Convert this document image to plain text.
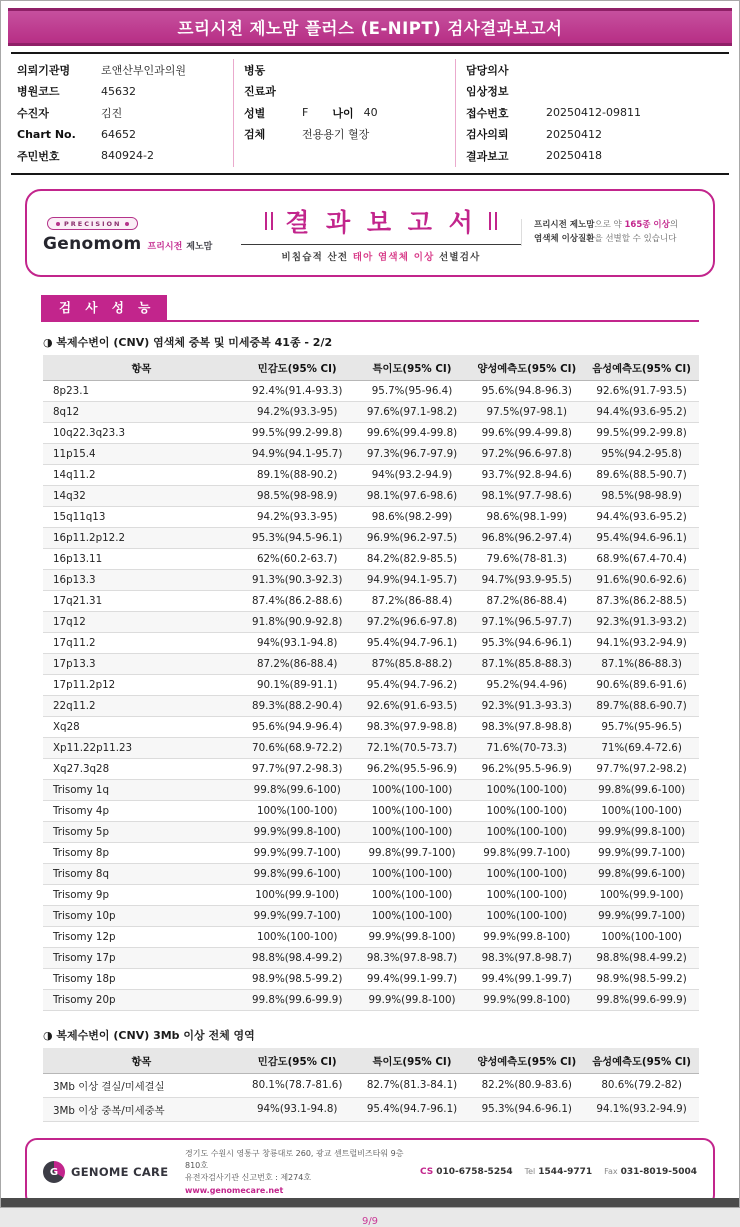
프리시전 제노맘 플러스 (E-NIPT) 검사결과보고서
의뢰기관명	로앤산부인과의원
병원코드	45632
수진자	김진
Chart No.	64652
주민번호	840924-2
병동
진료과
성별	F 나이 40
검체	전용용기 혈장
담당의사
임상정보
접수번호	20250412-09811
검사의뢰	20250412
결과보고	20250418
PRECISION
Genomom 프리시전 제노맘
결 과 보 고 서
비침습적 산전 태아 염색체 이상 선별검사
프리시전 제노맘으로 약 165종 이상의
염색체 이상질환을 선별할 수 있습니다
검 사 성 능
◑ 복제수변이 (CNV) 염색체 중복 및 미세중복 41종 - 2/2
항목	민감도(95% CI)	특이도(95% CI)	양성예측도(95% CI)	음성예측도(95% CI)
8p23.1	92.4%(91.4-93.3)	95.7%(95-96.4)	95.6%(94.8-96.3)	92.6%(91.7-93.5)
8q12	94.2%(93.3-95)	97.6%(97.1-98.2)	97.5%(97-98.1)	94.4%(93.6-95.2)
10q22.3q23.3	99.5%(99.2-99.8)	99.6%(99.4-99.8)	99.6%(99.4-99.8)	99.5%(99.2-99.8)
11p15.4	94.9%(94.1-95.7)	97.3%(96.7-97.9)	97.2%(96.6-97.8)	95%(94.2-95.8)
14q11.2	89.1%(88-90.2)	94%(93.2-94.9)	93.7%(92.8-94.6)	89.6%(88.5-90.7)
14q32	98.5%(98-98.9)	98.1%(97.6-98.6)	98.1%(97.7-98.6)	98.5%(98-98.9)
15q11q13	94.2%(93.3-95)	98.6%(98.2-99)	98.6%(98.1-99)	94.4%(93.6-95.2)
16p11.2p12.2	95.3%(94.5-96.1)	96.9%(96.2-97.5)	96.8%(96.2-97.4)	95.4%(94.6-96.1)
16p13.11	62%(60.2-63.7)	84.2%(82.9-85.5)	79.6%(78-81.3)	68.9%(67.4-70.4)
16p13.3	91.3%(90.3-92.3)	94.9%(94.1-95.7)	94.7%(93.9-95.5)	91.6%(90.6-92.6)
17q21.31	87.4%(86.2-88.6)	87.2%(86-88.4)	87.2%(86-88.4)	87.3%(86.2-88.5)
17q12	91.8%(90.9-92.8)	97.2%(96.6-97.8)	97.1%(96.5-97.7)	92.3%(91.3-93.2)
17q11.2	94%(93.1-94.8)	95.4%(94.7-96.1)	95.3%(94.6-96.1)	94.1%(93.2-94.9)
17p13.3	87.2%(86-88.4)	87%(85.8-88.2)	87.1%(85.8-88.3)	87.1%(86-88.3)
17p11.2p12	90.1%(89-91.1)	95.4%(94.7-96.2)	95.2%(94.4-96)	90.6%(89.6-91.6)
22q11.2	89.3%(88.2-90.4)	92.6%(91.6-93.5)	92.3%(91.3-93.3)	89.7%(88.6-90.7)
Xq28	95.6%(94.9-96.4)	98.3%(97.9-98.8)	98.3%(97.8-98.8)	95.7%(95-96.5)
Xp11.22p11.23	70.6%(68.9-72.2)	72.1%(70.5-73.7)	71.6%(70-73.3)	71%(69.4-72.6)
Xq27.3q28	97.7%(97.2-98.3)	96.2%(95.5-96.9)	96.2%(95.5-96.9)	97.7%(97.2-98.2)
Trisomy 1q	99.8%(99.6-100)	100%(100-100)	100%(100-100)	99.8%(99.6-100)
Trisomy 4p	100%(100-100)	100%(100-100)	100%(100-100)	100%(100-100)
Trisomy 5p	99.9%(99.8-100)	100%(100-100)	100%(100-100)	99.9%(99.8-100)
Trisomy 8p	99.9%(99.7-100)	99.8%(99.7-100)	99.8%(99.7-100)	99.9%(99.7-100)
Trisomy 8q	99.8%(99.6-100)	100%(100-100)	100%(100-100)	99.8%(99.6-100)
Trisomy 9p	100%(99.9-100)	100%(100-100)	100%(100-100)	100%(99.9-100)
Trisomy 10p	99.9%(99.7-100)	100%(100-100)	100%(100-100)	99.9%(99.7-100)
Trisomy 12p	100%(100-100)	99.9%(99.8-100)	99.9%(99.8-100)	100%(100-100)
Trisomy 17p	98.8%(98.4-99.2)	98.3%(97.8-98.7)	98.3%(97.8-98.7)	98.8%(98.4-99.2)
Trisomy 18p	98.9%(98.5-99.2)	99.4%(99.1-99.7)	99.4%(99.1-99.7)	98.9%(98.5-99.2)
Trisomy 20p	99.8%(99.6-99.9)	99.9%(99.8-100)	99.9%(99.8-100)	99.8%(99.6-99.9)
◑ 복제수변이 (CNV) 3Mb 이상 전체 영역
항목	민감도(95% CI)	특이도(95% CI)	양성예측도(95% CI)	음성예측도(95% CI)
3Mb 이상 결실/미세결실	80.1%(78.7-81.6)	82.7%(81.3-84.1)	82.2%(80.9-83.6)	80.6%(79.2-82)
3Mb 이상 중복/미세중복	94%(93.1-94.8)	95.4%(94.7-96.1)	95.3%(94.6-96.1)	94.1%(93.2-94.9)
G	GENOME CARE
경기도 수원시 영통구 창룡대로 260, 광교 센트럴비즈타워 9층 810호
유전자검사기관 신고번호 : 제274호
www.genomecare.net
CS 010-6758-5254 Tel 1544-9771 Fax 031-8019-5004
9/9
